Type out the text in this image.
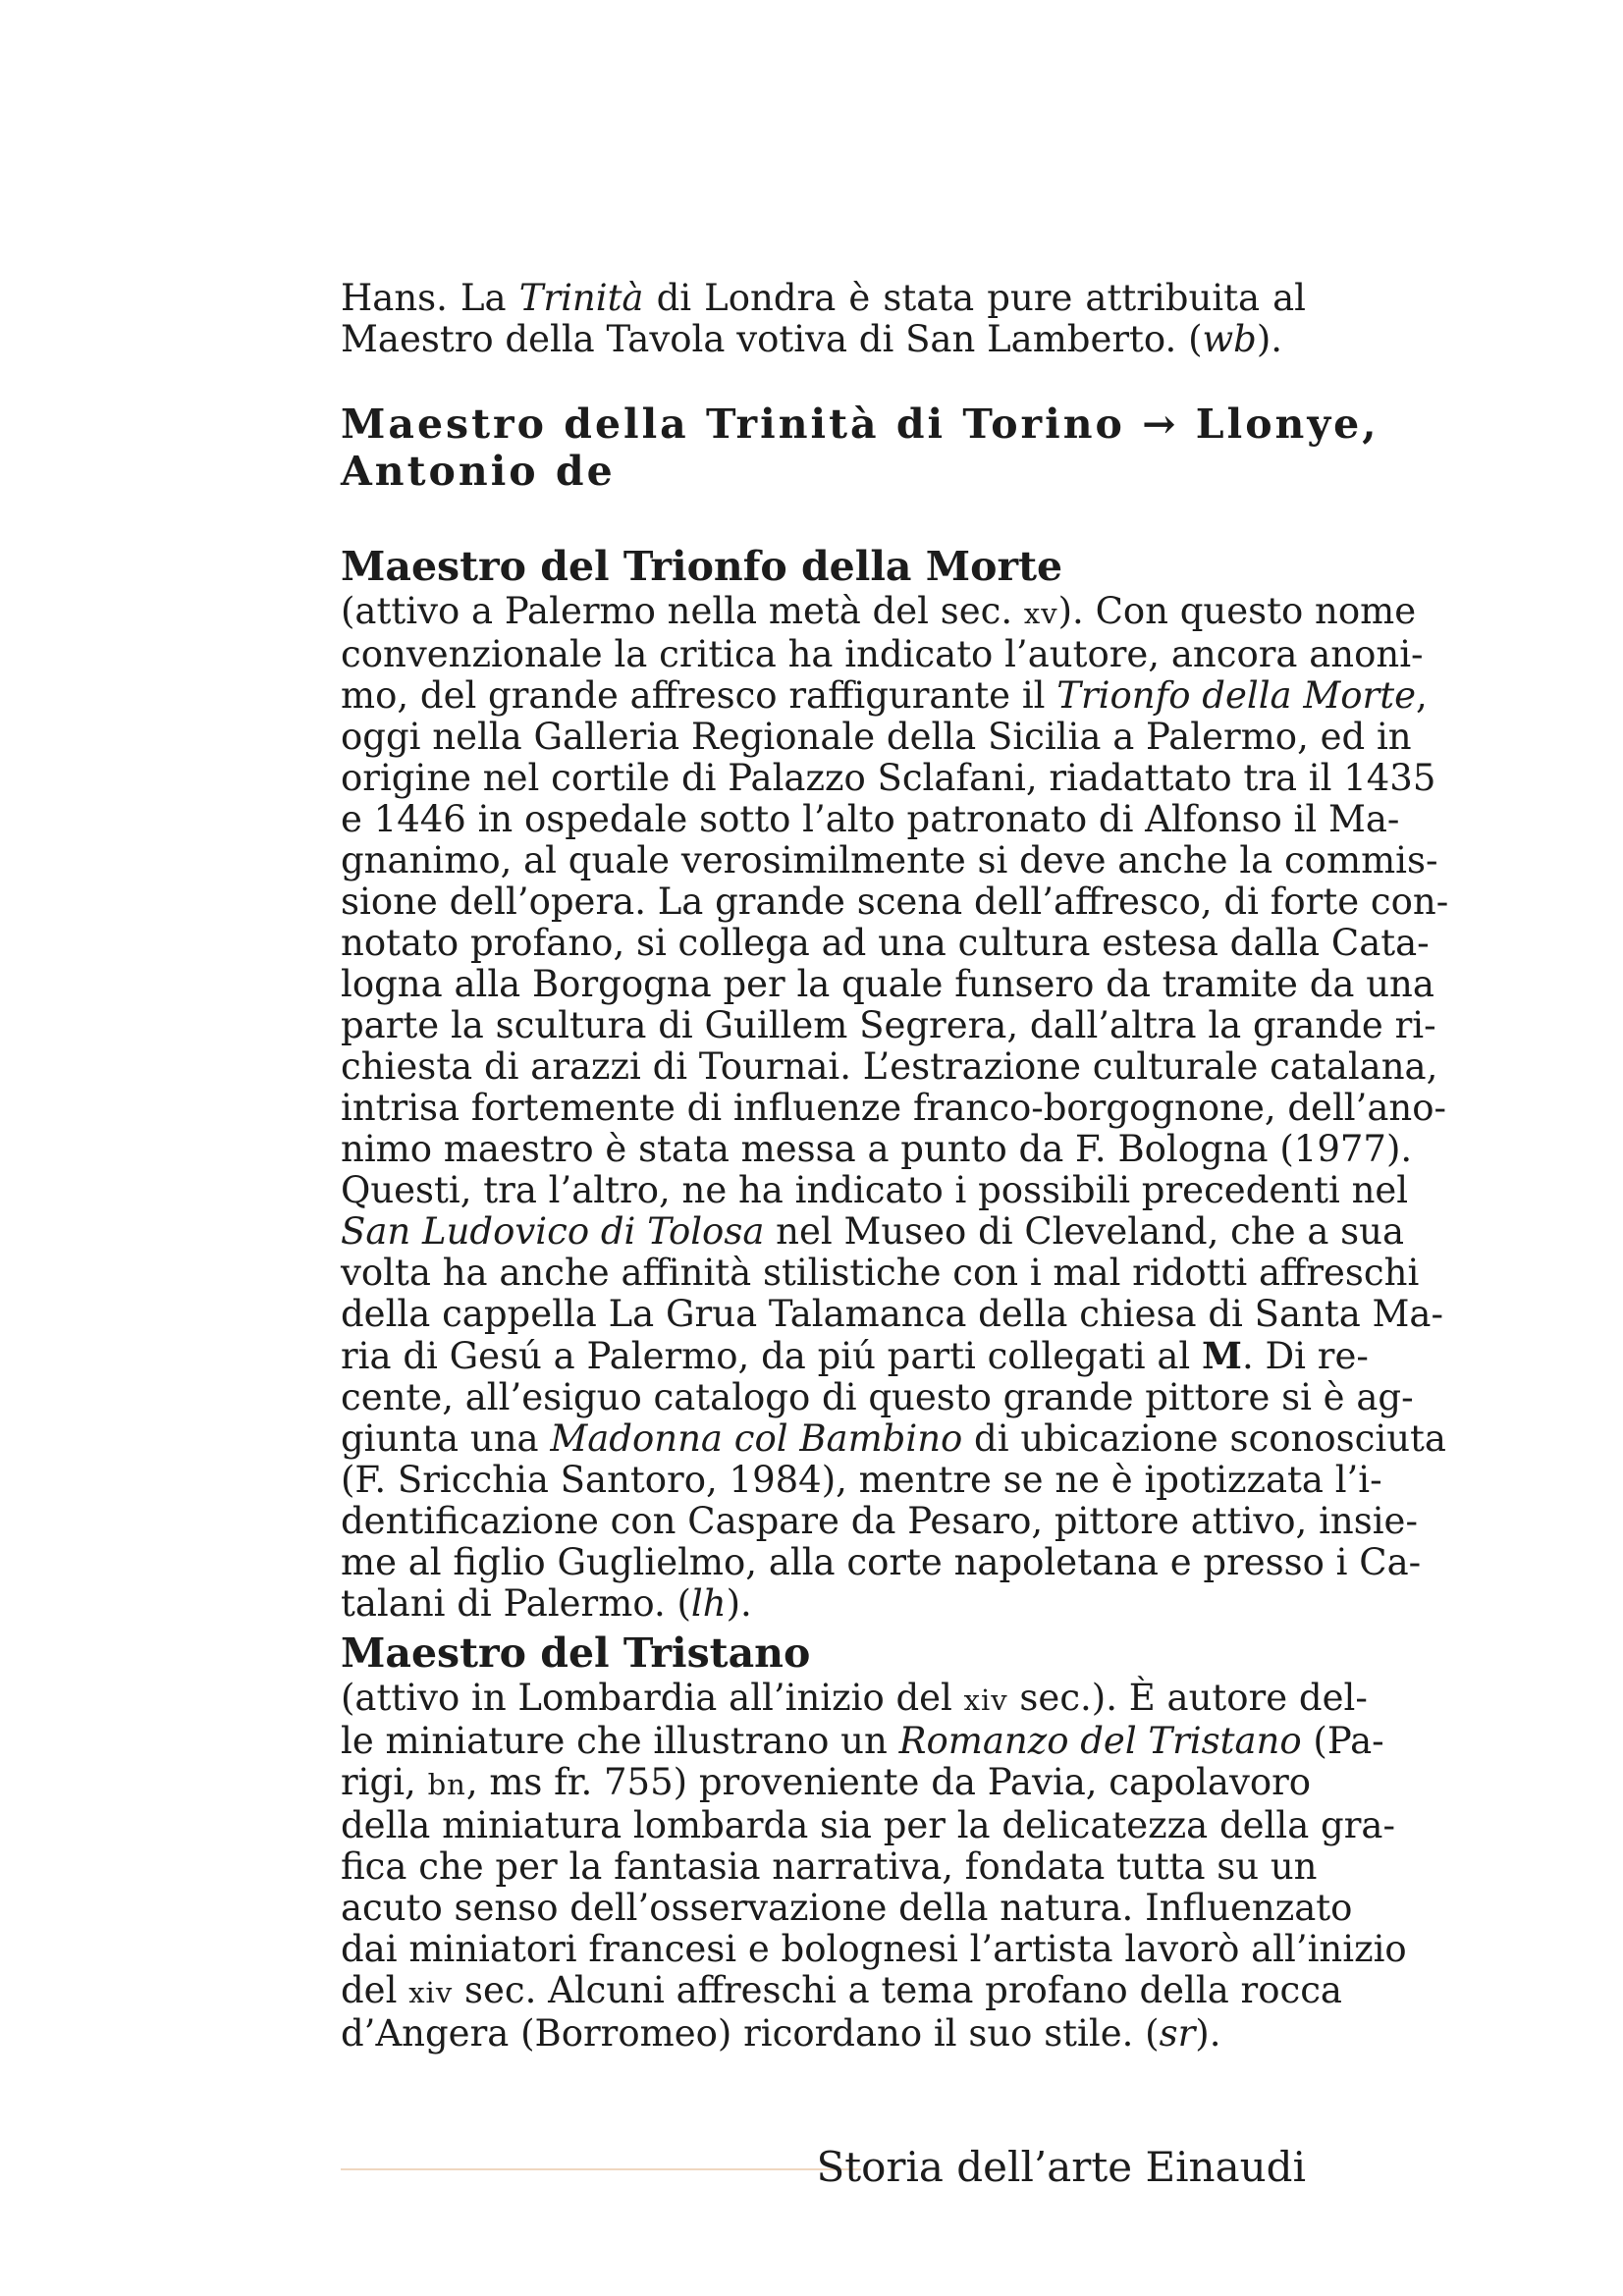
Hans. La Trinità di Londra è stata pure attribuita al
Maestro della Tavola votiva di San Lamberto. (wb).
Maestro della Trinità di Torino → Llonye,
Antonio de
Maestro del Trionfo della Morte
(attivo a Palermo nella metà del sec. xv). Con questo nome
convenzionale la critica ha indicato l’autore, ancora anoni-
mo, del grande affresco raffigurante il Trionfo della Morte,
oggi nella Galleria Regionale della Sicilia a Palermo, ed in
origine nel cortile di Palazzo Sclafani, riadattato tra il 1435
e 1446 in ospedale sotto l’alto patronato di Alfonso il Ma-
gnanimo, al quale verosimilmente si deve anche la commis-
sione dell’opera. La grande scena dell’affresco, di forte con-
notato profano, si collega ad una cultura estesa dalla Cata-
logna alla Borgogna per la quale funsero da tramite da una
parte la scultura di Guillem Segrera, dall’altra la grande ri-
chiesta di arazzi di Tournai. L’estrazione culturale catalana,
intrisa fortemente di influenze franco-borgognone, dell’ano-
nimo maestro è stata messa a punto da F. Bologna (1977).
Questi, tra l’altro, ne ha indicato i possibili precedenti nel
San Ludovico di Tolosa nel Museo di Cleveland, che a sua
volta ha anche affinità stilistiche con i mal ridotti affreschi
della cappella La Grua Talamanca della chiesa di Santa Ma-
ria di Gesú a Palermo, da piú parti collegati al M. Di re-
cente, all’esiguo catalogo di questo grande pittore si è ag-
giunta una Madonna col Bambino di ubicazione sconosciuta
(F. Sricchia Santoro, 1984), mentre se ne è ipotizzata l’i-
dentificazione con Caspare da Pesaro, pittore attivo, insie-
me al figlio Guglielmo, alla corte napoletana e presso i Ca-
talani di Palermo. (lh).
Maestro del Tristano
(attivo in Lombardia all’inizio del xiv sec.). È autore del-
le miniature che illustrano un Romanzo del Tristano (Pa-
rigi, bn, ms fr. 755) proveniente da Pavia, capolavoro
della miniatura lombarda sia per la delicatezza della gra-
fica che per la fantasia narrativa, fondata tutta su un
acuto senso dell’osservazione della natura. Influenzato
dai miniatori francesi e bolognesi l’artista lavorò all’inizio
del xiv sec. Alcuni affreschi a tema profano della rocca
d’Angera (Borromeo) ricordano il suo stile. (sr).
Storia dell’arte Einaudi
